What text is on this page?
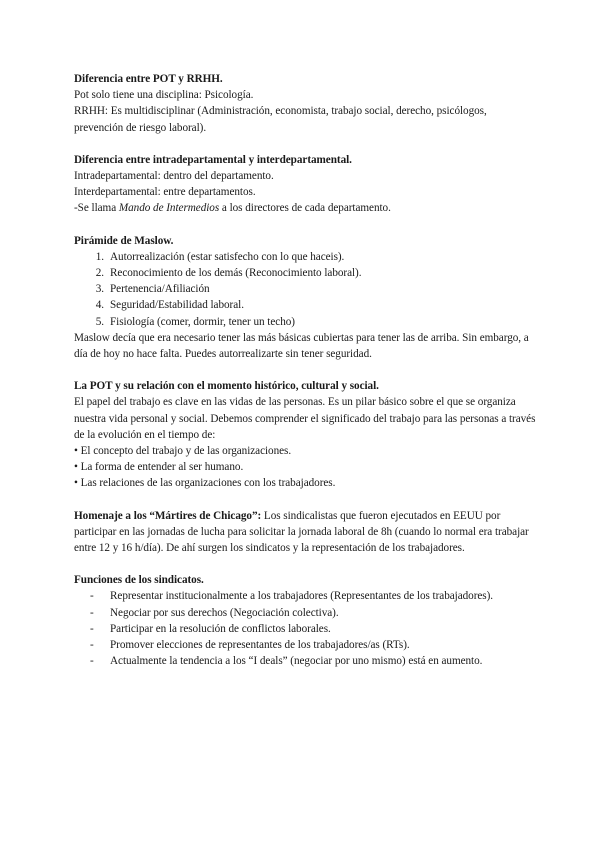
Diferencia entre POT y RRHH.

Pot solo tiene una disciplina: Psicología.

RRHH: Es multidisciplinar (Administración, economista, trabajo social, derecho, psicólogos, prevención de riesgo laboral).

Diferencia entre intradepartamental y interdepartamental.

Intradepartamental: dentro del departamento.

Interdepartamental: entre departamentos.

-Se llama Mando de Intermedios a los directores de cada departamento.

Pirámide de Maslow.

1. Autorrealización (estar satisfecho con lo que haceis).
2. Reconocimiento de los demás (Reconocimiento laboral).
3. Pertenencia/Afiliación
4. Seguridad/Estabilidad laboral.
5. Fisiología (comer, dormir, tener un techo)

Maslow decía que era necesario tener las más básicas cubiertas para tener las de arriba. Sin embargo, a día de hoy no hace falta. Puedes autorrealizarte sin tener seguridad.

La POT y su relación con el momento histórico, cultural y social.

El papel del trabajo es clave en las vidas de las personas. Es un pilar básico sobre el que se organiza nuestra vida personal y social. Debemos comprender el significado del trabajo para las personas a través de la evolución en el tiempo de:

• El concepto del trabajo y de las organizaciones.

• La forma de entender al ser humano.

• Las relaciones de las organizaciones con los trabajadores.

Homenaje a los “Mártires de Chicago”: Los sindicalistas que fueron ejecutados en EEUU por participar en las jornadas de lucha para solicitar la jornada laboral de 8h (cuando lo normal era trabajar entre 12 y 16 h/día). De ahí surgen los sindicatos y la representación de los trabajadores.

Funciones de los sindicatos.

- Representar institucionalmente a los trabajadores (Representantes de los trabajadores).
- Negociar por sus derechos (Negociación colectiva).
- Participar en la resolución de conflictos laborales.
- Promover elecciones de representantes de los trabajadores/as (RTs).
- Actualmente la tendencia a los “I deals” (negociar por uno mismo) está en aumento.
